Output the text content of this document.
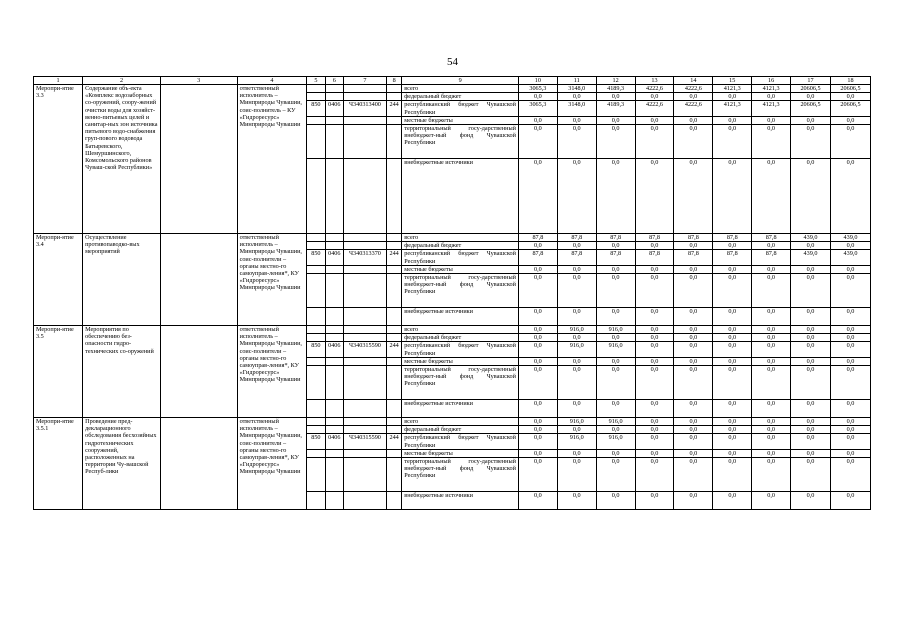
54
1	2	3	4	5	6	7	8	9	10	11	12	13	14	15	16	17	18
Меропри-ятие 3.3	Содержание объ-екта «Комплекс водозаборных со-оружений, соору-жений очистки воды для хозяйст-венно-питьевых целей и санитар-ных зон источника питьевого водо-снабжения груп-пового водовода Батыревского, Шемуршинского, Комсомольского районов Чуваш-ской Республики»		ответственный исполнитель – Минприроды Чувашии, соис-полнитель – КУ «Гидроресурс» Минприроды Чувашии					всего	3065,3	3148,0	4189,3	4222,6	4222,6	4121,3	4121,3	20606,5	20606,5
								федеральный бюджет	0,0	0,0	0,0	0,0	0,0	0,0	0,0	0,0	0,0
				850	0406	Ч340313400	244	республиканский бюджет Чувашской Республики	3065,3	3148,0	4189,3	4222,6	4222,6	4121,3	4121,3	20606,5	20606,5
								местные бюджеты	0,0	0,0	0,0	0,0	0,0	0,0	0,0	0,0	0,0
								территориальный госу-дарственный внебюджет-ный фонд Чувашской Республики	0,0	0,0	0,0	0,0	0,0	0,0	0,0	0,0	0,0
								внебюджетные источники	0,0	0,0	0,0	0,0	0,0	0,0	0,0	0,0	0,0
Меропри-ятие 3.4	Осуществление противопаводко-вых мероприятий		ответственный исполнитель – Минприроды Чувашии, соис-полнители – органы местно-го самоуправ-ления*, КУ «Гидроресурс» Минприроды Чувашии					всего	87,8	87,8	87,8	87,8	87,8	87,8	87,8	439,0	439,0
								федеральный бюджет	0,0	0,0	0,0	0,0	0,0	0,0	0,0	0,0	0,0
				850	0406	Ч340313370	244	республиканский бюджет Чувашской Республики	87,8	87,8	87,8	87,8	87,8	87,8	87,8	439,0	439,0
								местные бюджеты	0,0	0,0	0,0	0,0	0,0	0,0	0,0	0,0	0,0
								территориальный госу-дарственный внебюджет-ный фонд Чувашской Республики	0,0	0,0	0,0	0,0	0,0	0,0	0,0	0,0	0,0
								внебюджетные источники	0,0	0,0	0,0	0,0	0,0	0,0	0,0	0,0	0,0
Меропри-ятие 3.5	Мероприятия по обеспечению без-опасности гидро-технических со-оружений		ответственный исполнитель – Минприроды Чувашии, соис-полнители – органы местно-го самоуправ-ления*, КУ «Гидроресурс» Минприроды Чувашии					всего	0,0	916,0	916,0	0,0	0,0	0,0	0,0	0,0	0,0
								федеральный бюджет	0,0	0,0	0,0	0,0	0,0	0,0	0,0	0,0	0,0
				850	0406	Ч340315590	244	республиканский бюджет Чувашской Республики	0,0	916,0	916,0	0,0	0,0	0,0	0,0	0,0	0,0
								местные бюджеты	0,0	0,0	0,0	0,0	0,0	0,0	0,0	0,0	0,0
								территориальный госу-дарственный внебюджет-ный фонд Чувашской Республики	0,0	0,0	0,0	0,0	0,0	0,0	0,0	0,0	0,0
								внебюджетные источники	0,0	0,0	0,0	0,0	0,0	0,0	0,0	0,0	0,0
Меропри-ятие 3.5.1	Проведение пред-декларационного обследования бесхозяйных гидротехнических сооружений, расположенных на территории Чу-вашской Респуб-лики		ответственный исполнитель – Минприроды Чувашии, соис-полнители – органы местно-го самоуправ-ления*, КУ «Гидроресурс» Минприроды Чувашии					всего	0,0	916,0	916,0	0,0	0,0	0,0	0,0	0,0	0,0
								федеральный бюджет	0,0	0,0	0,0	0,0	0,0	0,0	0,0	0,0	0,0
				850	0406	Ч340315590	244	республиканский бюджет Чувашской Республики	0,0	916,0	916,0	0,0	0,0	0,0	0,0	0,0	0,0
								местные бюджеты	0,0	0,0	0,0	0,0	0,0	0,0	0,0	0,0	0,0
								территориальный госу-дарственный внебюджет-ный фонд Чувашской Республики	0,0	0,0	0,0	0,0	0,0	0,0	0,0	0,0	0,0
								внебюджетные источники	0,0	0,0	0,0	0,0	0,0	0,0	0,0	0,0	0,0
